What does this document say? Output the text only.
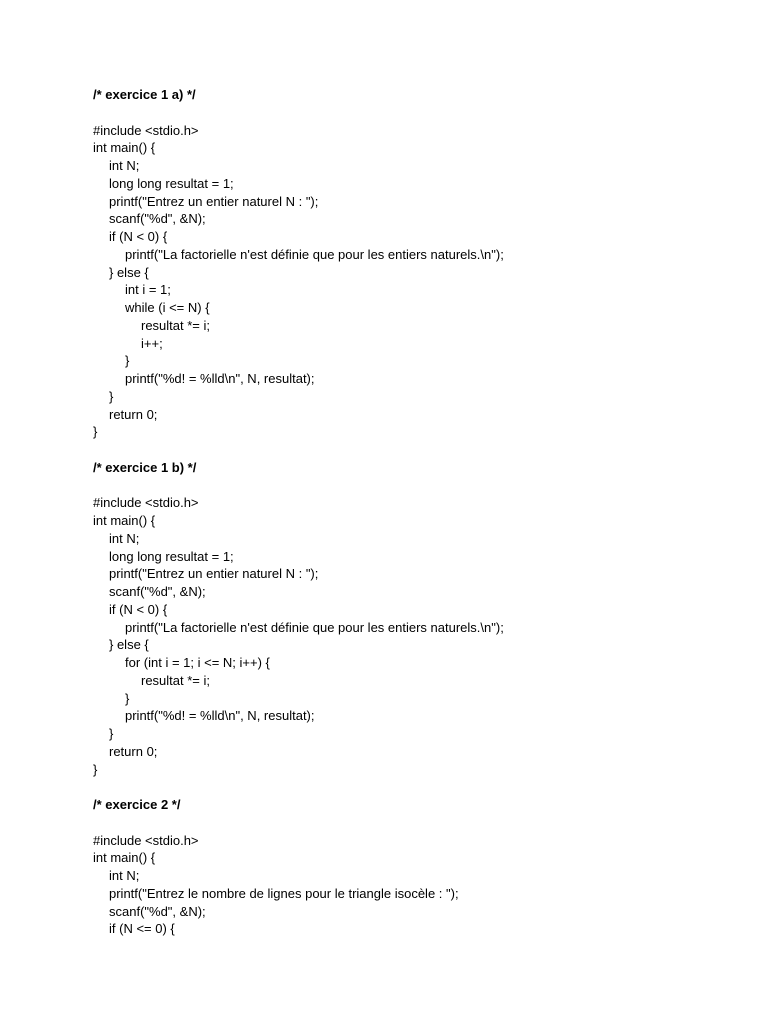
/* exercice 1 a) */
#include <stdio.h>
int main() {
int N;
long long resultat = 1;
printf("Entrez un entier naturel N : ");
scanf("%d", &N);
if (N < 0) {
printf("La factorielle n'est définie que pour les entiers naturels.\n");
} else {
int i = 1;
while (i <= N) {
resultat *= i;
i++;
}
printf("%d! = %lld\n", N, resultat);
}
return 0;
}
/* exercice 1 b) */
#include <stdio.h>
int main() {
int N;
long long resultat = 1;
printf("Entrez un entier naturel N : ");
scanf("%d", &N);
if (N < 0) {
printf("La factorielle n'est définie que pour les entiers naturels.\n");
} else {
for (int i = 1; i <= N; i++) {
resultat *= i;
}
printf("%d! = %lld\n", N, resultat);
}
return 0;
}
/* exercice 2 */
#include <stdio.h>
int main() {
int N;
printf("Entrez le nombre de lignes pour le triangle isocèle : ");
scanf("%d", &N);
if (N <= 0) {
